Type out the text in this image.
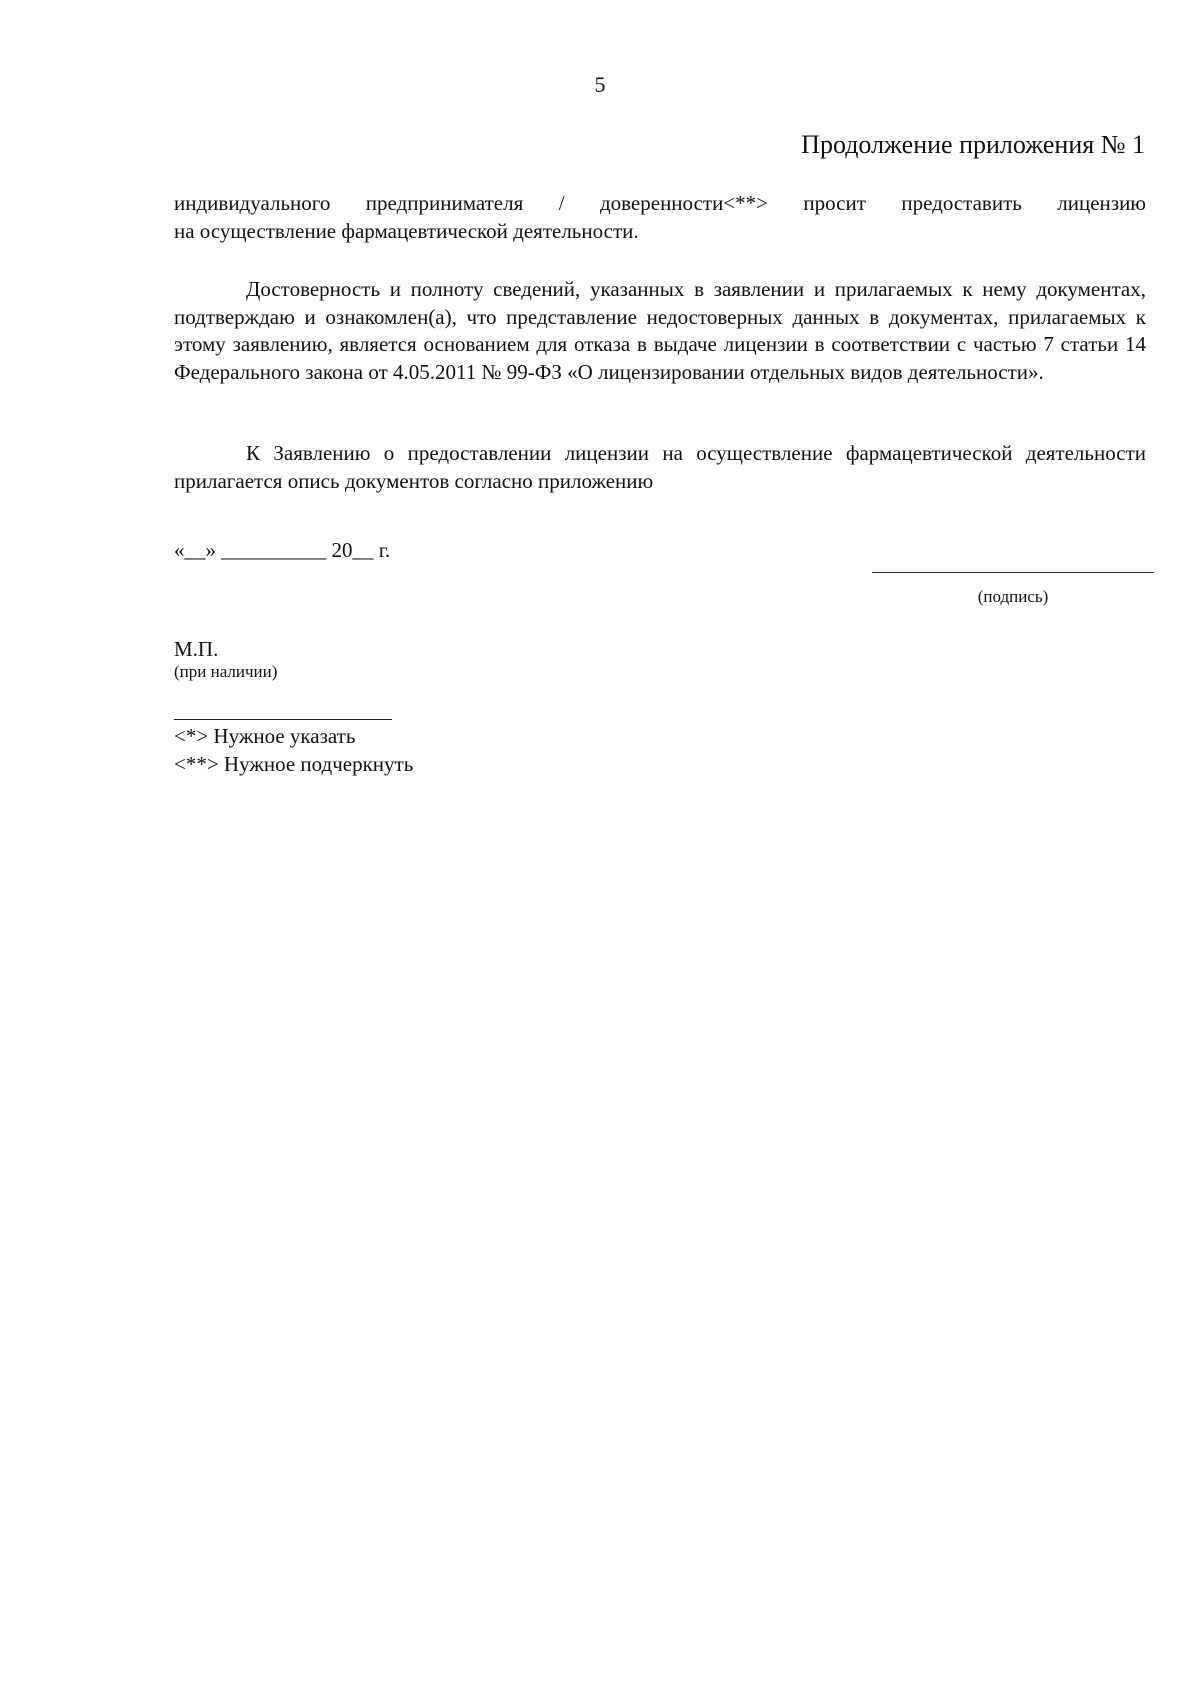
5
Продолжение приложения № 1
индивидуального предпринимателя / доверенности<**> просит предоставить лицензию
на осуществление фармацевтической деятельности.
Достоверность и полноту сведений, указанных в заявлении и прилагаемых к нему документах, подтверждаю и ознакомлен(а), что представление недостоверных данных в документах, прилагаемых к этому заявлению, является основанием для отказа в выдаче лицензии в соответствии с частью 7 статьи 14 Федерального закона от 4.05.2011 № 99-ФЗ «О лицензировании отдельных видов деятельности».
К Заявлению о предоставлении лицензии на осуществление фармацевтической деятельности прилагается опись документов согласно приложению
«__» __________ 20__ г.
(подпись)
М.П.
(при наличии)
<*> Нужное указать
<**> Нужное подчеркнуть
